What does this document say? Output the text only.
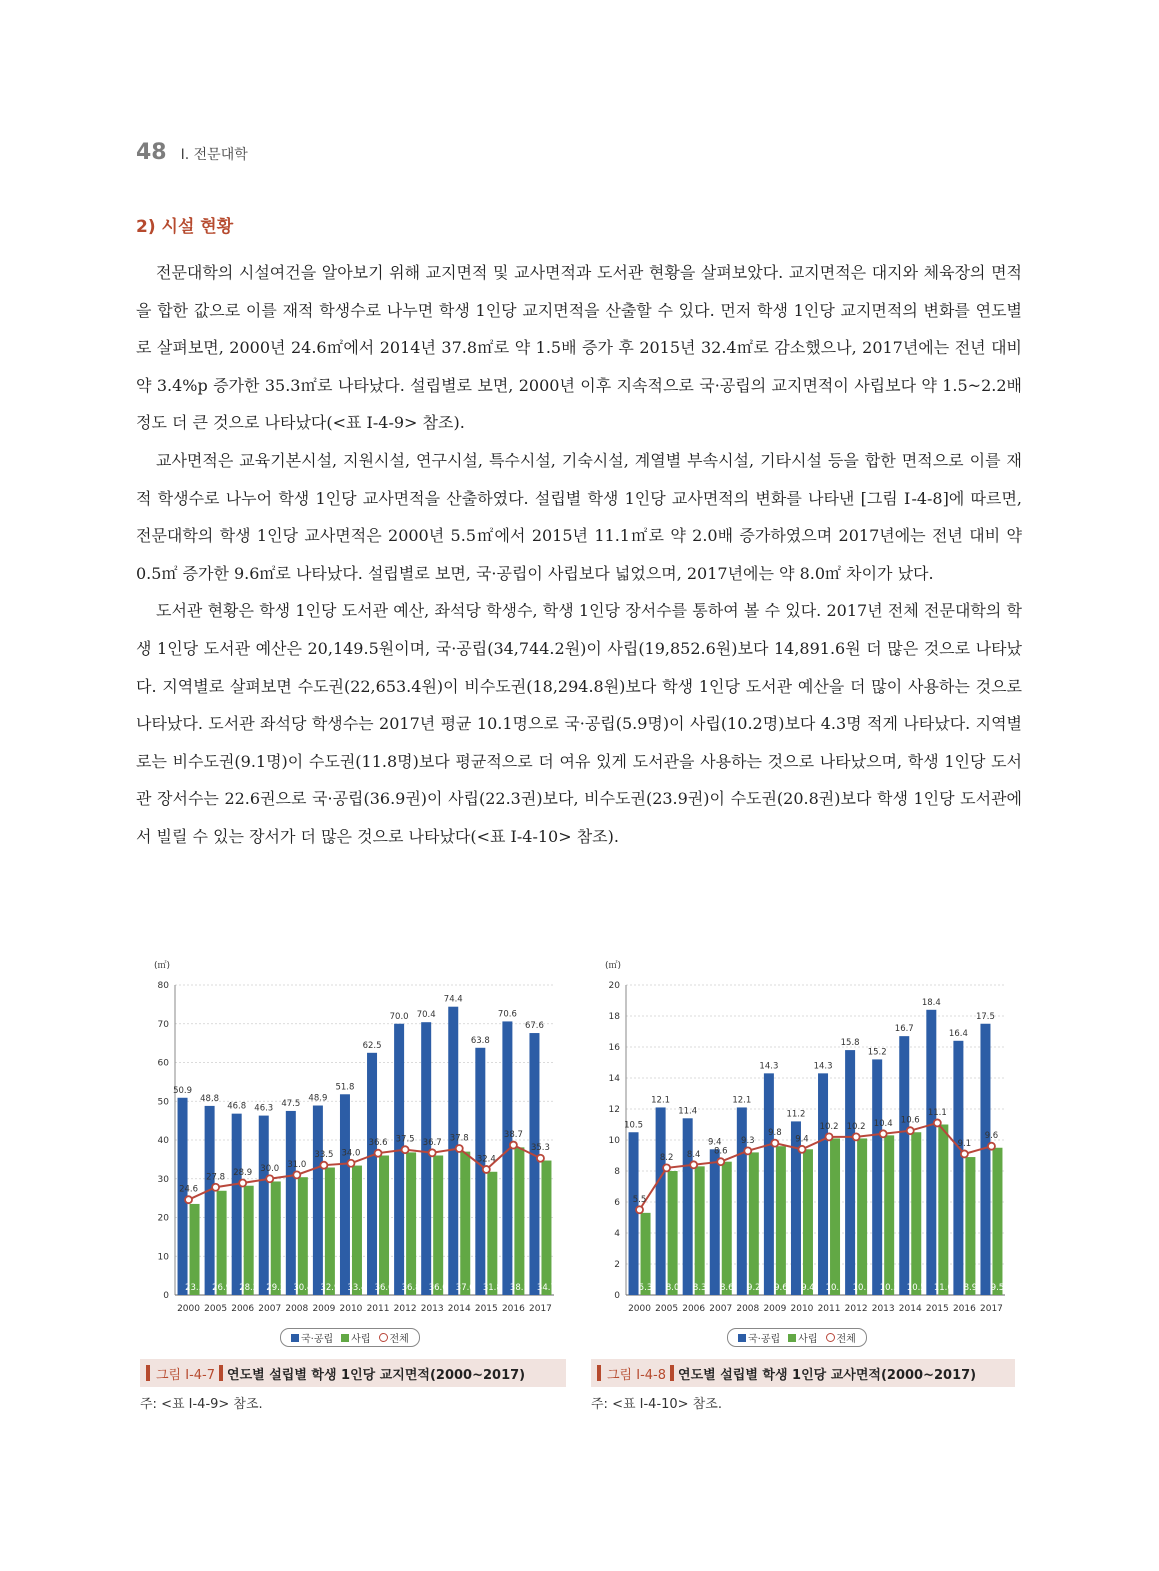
48 Ⅰ. 전문대학
2) 시설 현황

전문대학의 시설여건을 알아보기 위해 교지면적 및 교사면적과 도서관 현황을 살펴보았다. 교지면적은 대지와 체육장의 면적을 합한 값으로 이를 재적 학생수로 나누면 학생 1인당 교지면적을 산출할 수 있다. 먼저 학생 1인당 교지면적의 변화를 연도별로 살펴보면, 2000년 24.6㎡에서 2014년 37.8㎡로 약 1.5배 증가 후 2015년 32.4㎡로 감소했으나, 2017년에는 전년 대비 약 3.4%p 증가한 35.3㎡로 나타났다. 설립별로 보면, 2000년 이후 지속적으로 국·공립의 교지면적이 사립보다 약 1.5~2.2배 정도 더 큰 것으로 나타났다(<표 Ⅰ-4-9> 참조).

교사면적은 교육기본시설, 지원시설, 연구시설, 특수시설, 기숙시설, 계열별 부속시설, 기타시설 등을 합한 면적으로 이를 재적 학생수로 나누어 학생 1인당 교사면적을 산출하였다. 설립별 학생 1인당 교사면적의 변화를 나타낸 [그림 Ⅰ-4-8]에 따르면, 전문대학의 학생 1인당 교사면적은 2000년 5.5㎡에서 2015년 11.1㎡로 약 2.0배 증가하였으며 2017년에는 전년 대비 약 0.5㎡ 증가한 9.6㎡로 나타났다. 설립별로 보면, 국·공립이 사립보다 넓었으며, 2017년에는 약 8.0㎡ 차이가 났다.

도서관 현황은 학생 1인당 도서관 예산, 좌석당 학생수, 학생 1인당 장서수를 통하여 볼 수 있다. 2017년 전체 전문대학의 학생 1인당 도서관 예산은 20,149.5원이며, 국·공립(34,744.2원)이 사립(19,852.6원)보다 14,891.6원 더 많은 것으로 나타났다. 지역별로 살펴보면 수도권(22,653.4원)이 비수도권(18,294.8원)보다 학생 1인당 도서관 예산을 더 많이 사용하는 것으로 나타났다. 도서관 좌석당 학생수는 2017년 평균 10.1명으로 국·공립(5.9명)이 사립(10.2명)보다 4.3명 적게 나타났다. 지역별로는 비수도권(9.1명)이 수도권(11.8명)보다 평균적으로 더 여유 있게 도서관을 사용하는 것으로 나타났으며, 학생 1인당 도서관 장서수는 22.6권으로 국·공립(36.9권)이 사립(22.3권)보다, 비수도권(23.9권)이 수도권(20.8권)보다 학생 1인당 도서관에서 빌릴 수 있는 장서가 더 많은 것으로 나타났다(<표 Ⅰ-4-10> 참조).

(㎡)
0
10
20
30
40
50
60
70
80
50.9
23.5
2000
48.8
26.9
2005
46.8
28.2
2006
46.3
29.3
2007
47.5
30.4
2008
48.9
32.9
2009
51.8
33.4
2010
62.5
36.0
2011
70.0
36.8
2012
70.4
36.0
2013
74.4
37.0
2014
63.8
31.8
2015
70.6
38.1
2016
67.6
34.7
2017
24.6
27.8 28.9 30.0 31.0
33.5 34.0
36.6 37.5 36.7 37.8
32.4
38.7
35.3
국·공립 사립 전체
그림 Ⅰ-4-7 연도별 설립별 학생 1인당 교지면적(2000~2017)
주: <표 Ⅰ-4-9> 참조.
(㎡)
0
2
4
6
8
10
12
14
16
18
20
10.5
5.3
2000
12.1
8.0
2005
11.4
8.3
2006
9.4
8.6
2007
12.1
9.2
2008
14.3
9.6
2009
11.2
9.4
2010
14.3
10.1
2011
15.8
10.1
2012
15.2
10.3
2013
16.7
10.5
2014
18.4
11.0
2015
16.4
8.9
2016
17.5
9.5
2017
5.5
8.2 8.4 8.6
9.3
9.8
9.4
10.2 10.2 10.4 10.6
11.1
9.1
9.6
국·공립 사립 전체
그림 Ⅰ-4-8 연도별 설립별 학생 1인당 교사면적(2000~2017)
주: <표 Ⅰ-4-10> 참조.
